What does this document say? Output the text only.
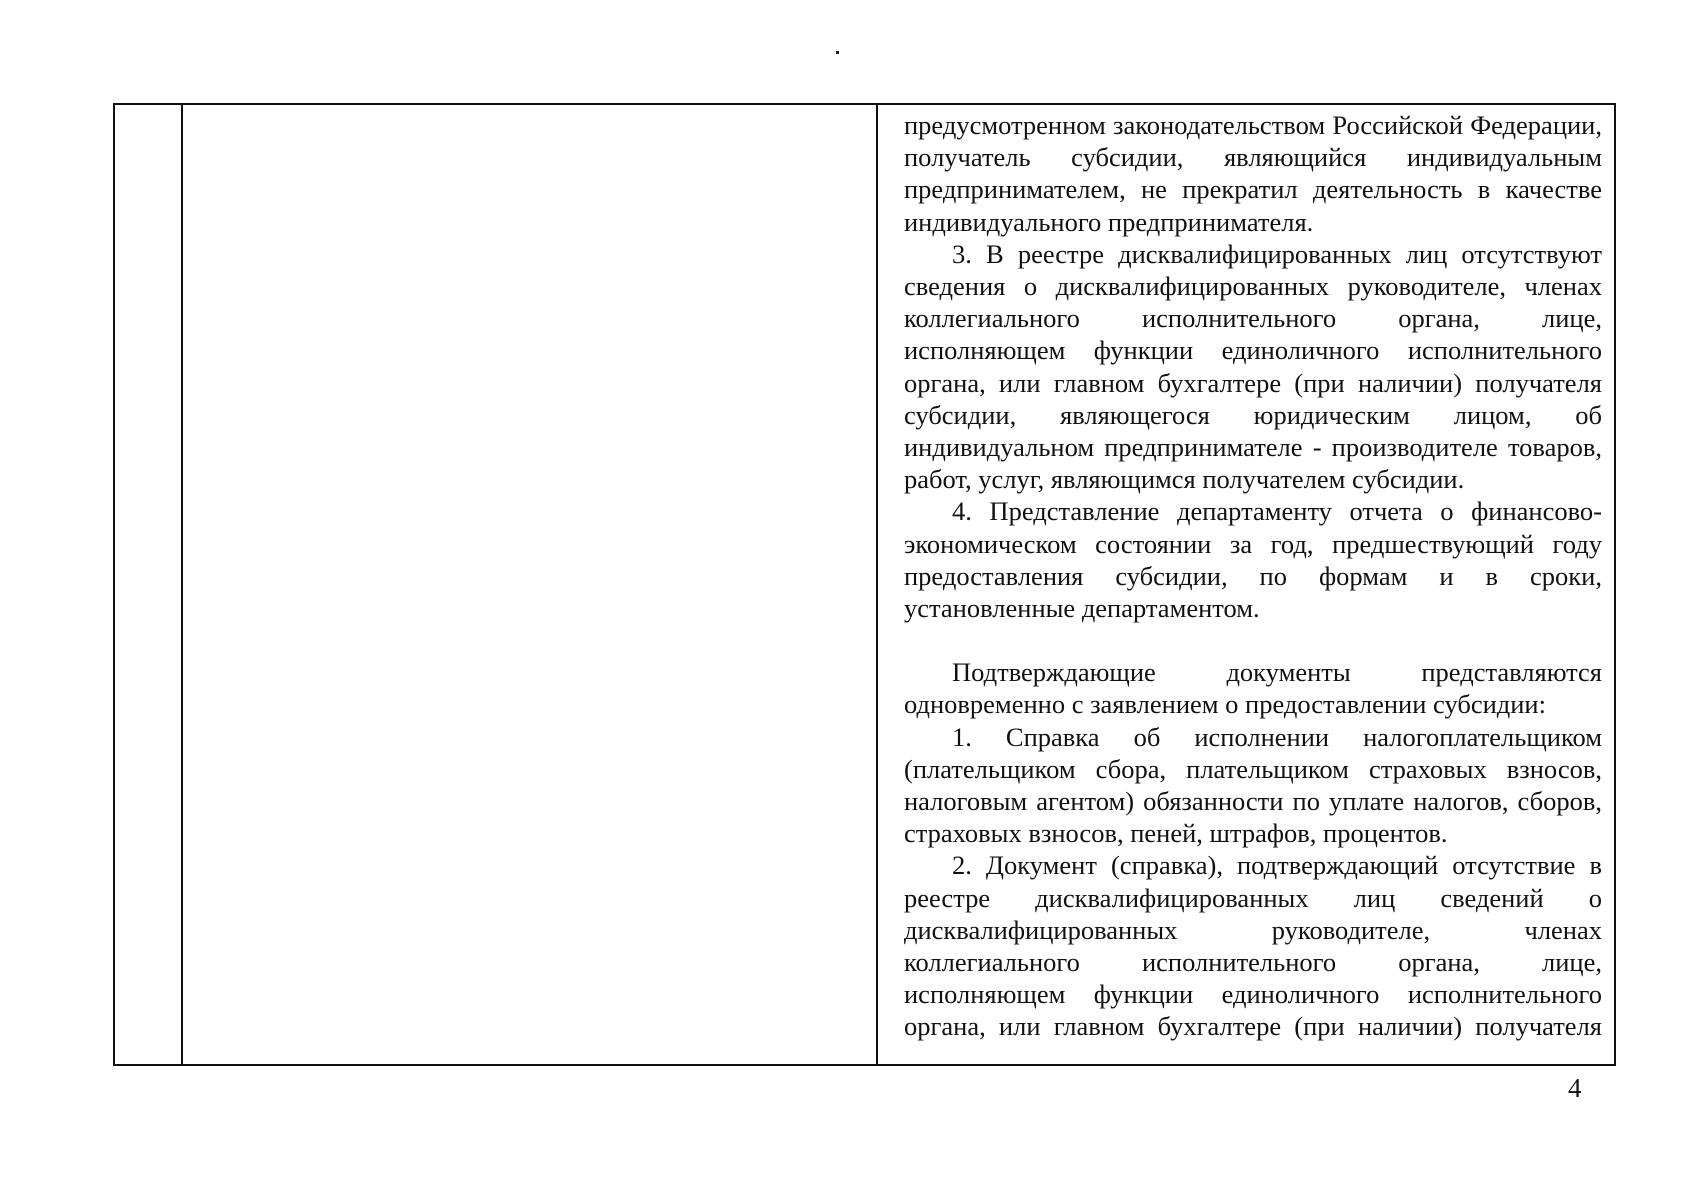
предусмотренном законодательством Российской Федерации, получатель субсидии, являющийся индивидуальным предпринимателем, не прекратил деятельность в качестве индивидуального предпринимателя.

3. В реестре дисквалифицированных лиц отсутствуют сведения о дисквалифицированных руководителе, членах коллегиального исполнительного органа, лице, исполняющем функции единоличного исполнительного органа, или главном бухгалтере (при наличии) получателя субсидии, являющегося юридическим лицом, об индивидуальном предпринимателе - производителе товаров, работ, услуг, являющимся получателем субсидии.

4. Представление департаменту отчета о финансово-экономическом состоянии за год, предшествующий году предоставления субсидии, по формам и в сроки, установленные департаментом.

Подтверждающие документы представляются одновременно с заявлением о предоставлении субсидии:

1. Справка об исполнении налогоплательщиком (плательщиком сбора, плательщиком страховых взносов, налоговым агентом) обязанности по уплате налогов, сборов, страховых взносов, пеней, штрафов, процентов.

2. Документ (справка), подтверждающий отсутствие в реестре дисквалифицированных лиц сведений о дисквалифицированных руководителе, членах коллегиального исполнительного органа, лице, исполняющем функции единоличного исполнительного органа, или главном бухгалтере (при наличии) получателя

4
